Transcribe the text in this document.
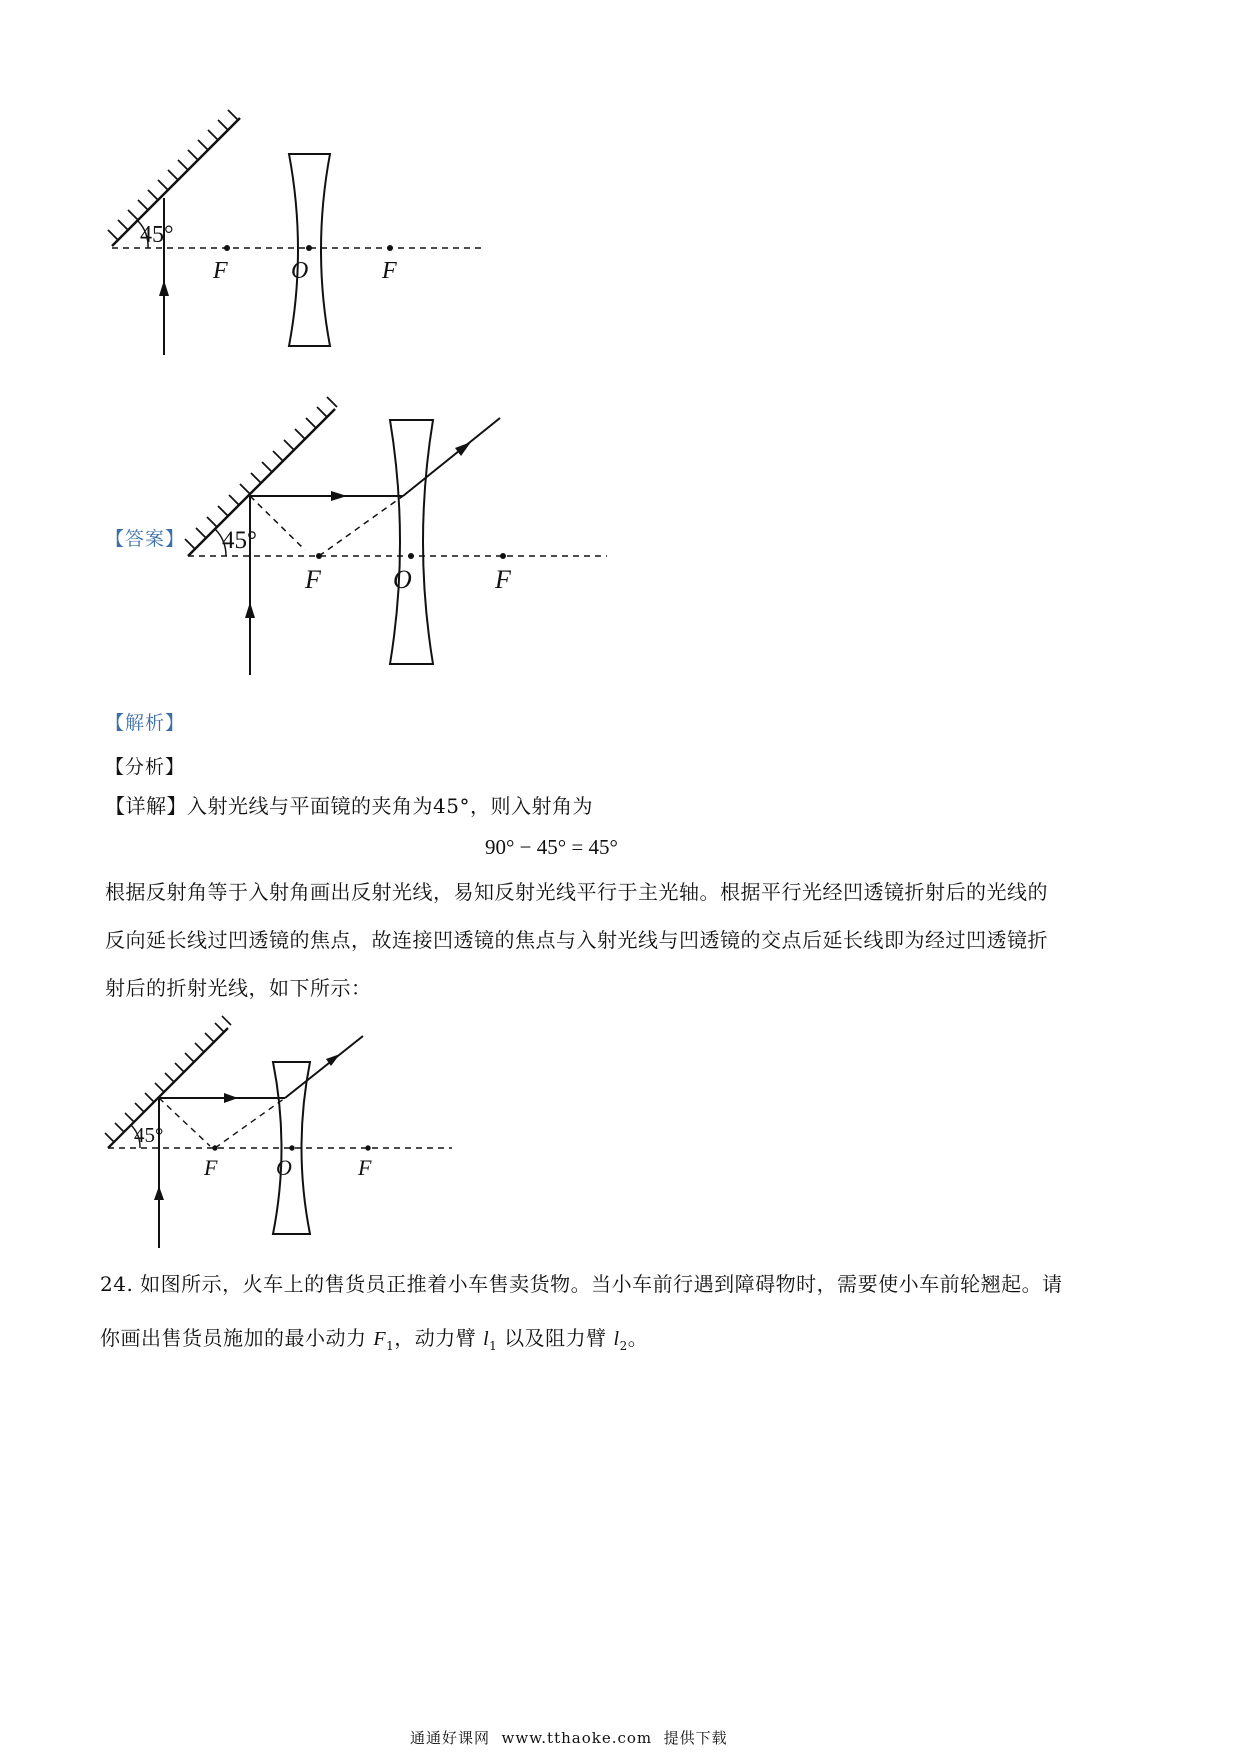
45°
F	O	F
【答案】 45°
F	O	F
【解析】
【分析】
【详解】入射光线与平面镜的夹角为45°，则入射角为
90° − 45° = 45°
根据反射角等于入射角画出反射光线，易知反射光线平行于主光轴。根据平行光经凹透镜折射后的光线的
反向延长线过凹透镜的焦点，故连接凹透镜的焦点与入射光线与凹透镜的交点后延长线即为经过凹透镜折
射后的折射光线，如下所示：
45°
F	O	F
24. 如图所示，火车上的售货员正推着小车售卖货物。当小车前行遇到障碍物时，需要使小车前轮翘起。请
你画出售货员施加的最小动力 $F_1$，动力臂 $l_1$ 以及阻力臂 $l_2$。
通通好课网  www.tthaoke.com  提供下载
